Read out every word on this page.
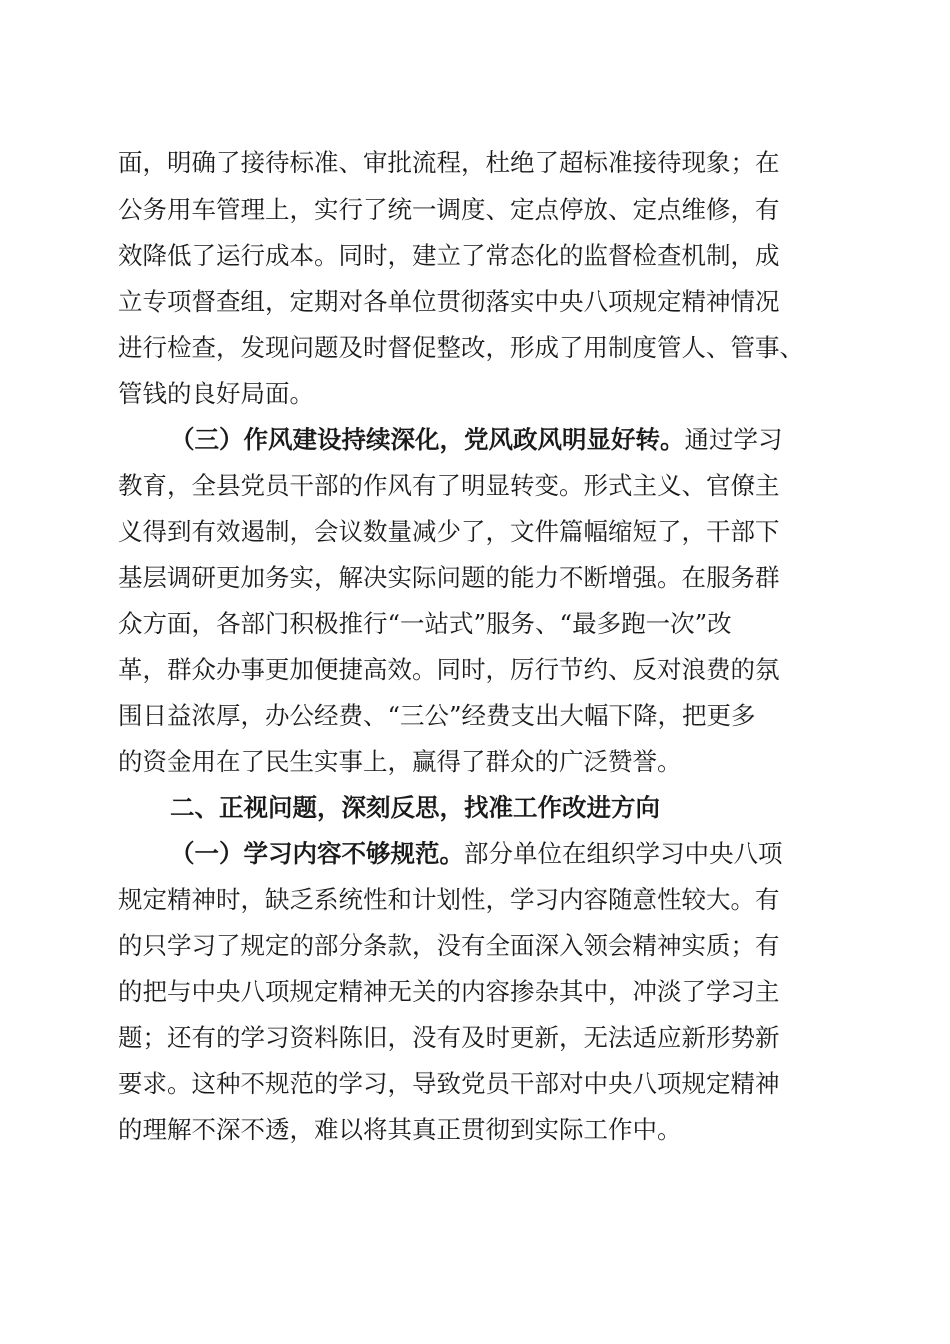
面，明确了接待标准、审批流程，杜绝了超标准接待现象；在

公务用车管理上，实行了统一调度、定点停放、定点维修，有

效降低了运行成本。同时，建立了常态化的监督检查机制，成

立专项督查组，定期对各单位贯彻落实中央八项规定精神情况

进行检查，发现问题及时督促整改，形成了用制度管人、管事、

管钱的良好局面。

（三）作风建设持续深化，党风政风明显好转。通过学习

教育，全县党员干部的作风有了明显转变。形式主义、官僚主

义得到有效遏制，会议数量减少了，文件篇幅缩短了，干部下

基层调研更加务实，解决实际问题的能力不断增强。在服务群

众方面，各部门积极推行“一站式”服务、“最多跑一次”改

革，群众办事更加便捷高效。同时，厉行节约、反对浪费的氛

围日益浓厚，办公经费、“三公”经费支出大幅下降，把更多

的资金用在了民生实事上，赢得了群众的广泛赞誉。

二、正视问题，深刻反思，找准工作改进方向

（一）学习内容不够规范。部分单位在组织学习中央八项

规定精神时，缺乏系统性和计划性，学习内容随意性较大。有

的只学习了规定的部分条款，没有全面深入领会精神实质；有

的把与中央八项规定精神无关的内容掺杂其中，冲淡了学习主

题；还有的学习资料陈旧，没有及时更新，无法适应新形势新

要求。这种不规范的学习，导致党员干部对中央八项规定精神

的理解不深不透，难以将其真正贯彻到实际工作中。
